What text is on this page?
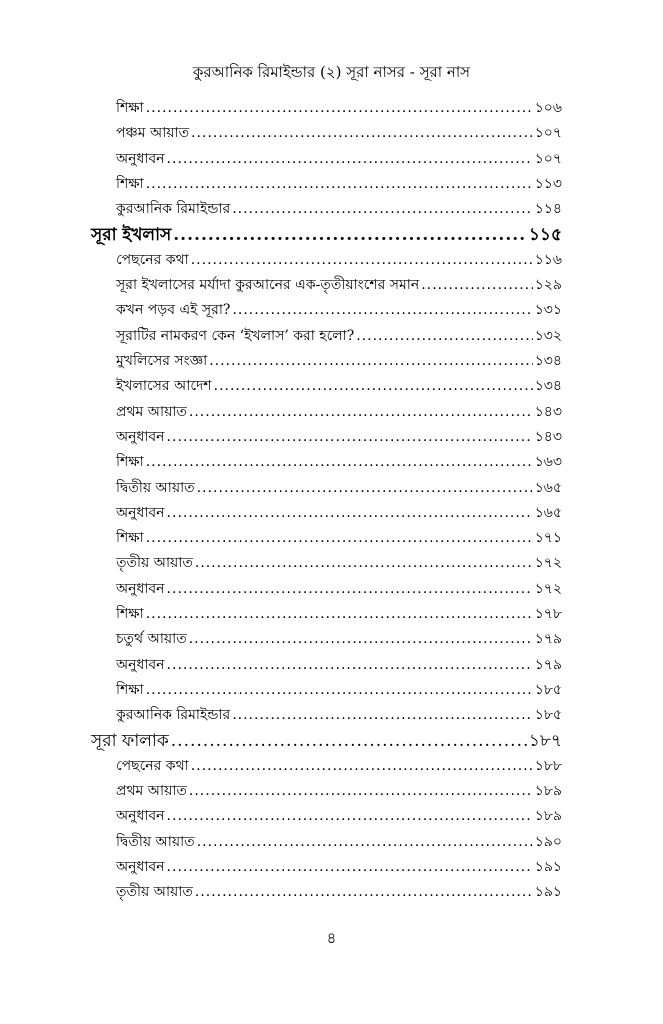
কুরআনিক রিমাইন্ডার (২) সূরা নাসর - সূরা নাস
শিক্ষা .....	১০৬
পঞ্চম আয়াত .....	১০৭
অনুধাবন .....	১০৭
শিক্ষা .....	১১৩
কুরআনিক রিমাইন্ডার .....	১১৪
সূরা ইখলাস .....	১১৫
পেছনের কথা .....	১১৬
সূরা ইখলাসের মর্যাদা কুরআনের এক-তৃতীয়াংশের সমান .....	১২৯
কখন পড়ব এই সূরা? .....	১৩১
সূরাটির নামকরণ কেন ‘ইখলাস’ করা হলো? .....	১৩২
মুখলিসের সংজ্ঞা .....	১৩৪
ইখলাসের আদেশ .....	১৩৪
প্রথম আয়াত .....	১৪৩
অনুধাবন .....	১৪৩
শিক্ষা .....	১৬৩
দ্বিতীয় আয়াত .....	১৬৫
অনুধাবন .....	১৬৫
শিক্ষা .....	১৭১
তৃতীয় আয়াত .....	১৭২
অনুধাবন .....	১৭২
শিক্ষা .....	১৭৮
চতুর্থ আয়াত .....	১৭৯
অনুধাবন .....	১৭৯
শিক্ষা .....	১৮৫
কুরআনিক রিমাইন্ডার .....	১৮৫
সূরা ফালাক .....	১৮৭
পেছনের কথা .....	১৮৮
প্রথম আয়াত .....	১৮৯
অনুধাবন .....	১৮৯
দ্বিতীয় আয়াত .....	১৯০
অনুধাবন .....	১৯১
তৃতীয় আয়াত .....	১৯১
৪
